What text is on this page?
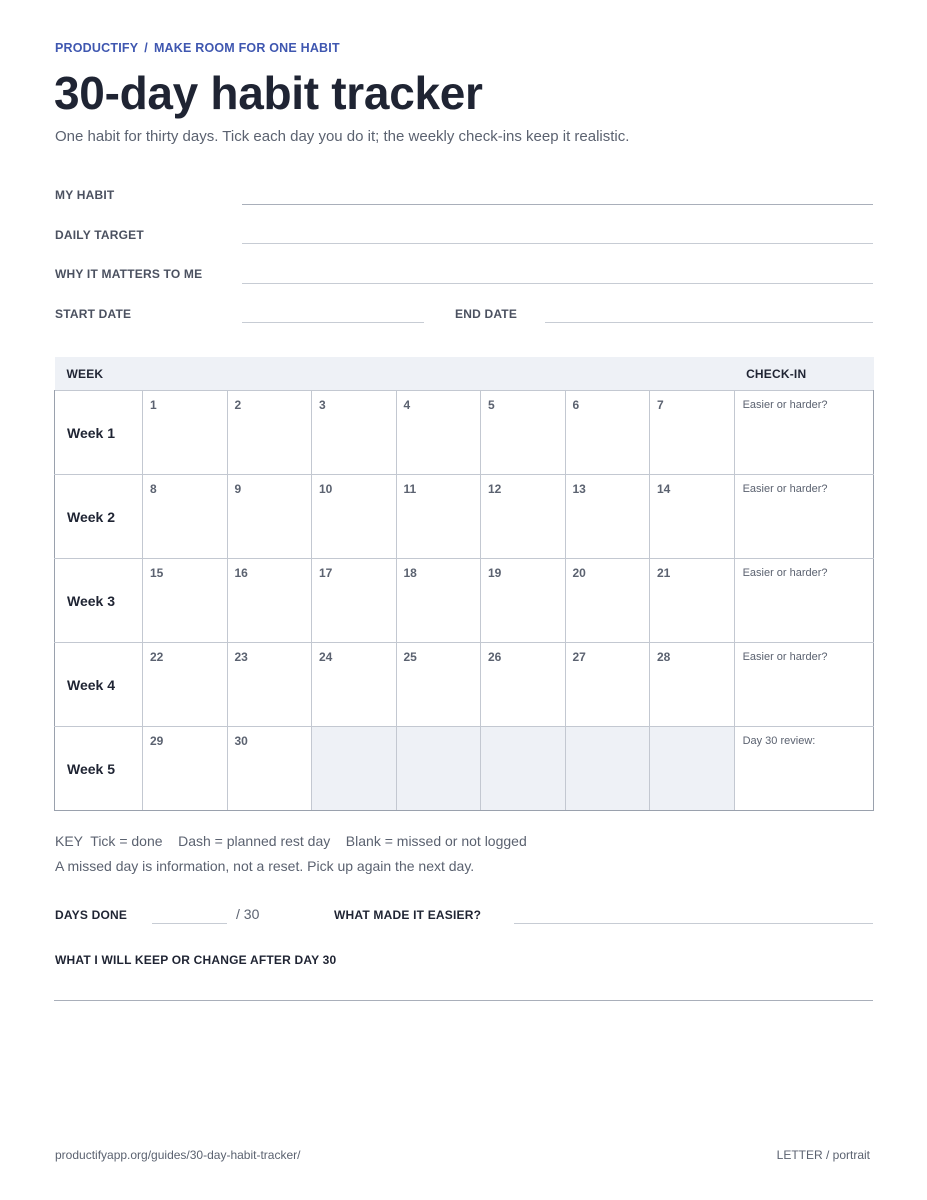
PRODUCTIFY / MAKE ROOM FOR ONE HABIT
30-day habit tracker
One habit for thirty days. Tick each day you do it; the weekly check-ins keep it realistic.
MY HABIT
DAILY TARGET
WHY IT MATTERS TO ME
START DATE	END DATE
WEEK								CHECK-IN
Week 1	1	2	3	4	5	6	7	Easier or harder?

Week 2	8	9	10	11	12	13	14	Easier or harder?

Week 3	15	16	17	18	19	20	21	Easier or harder?

Week 4	22	23	24	25	26	27	28	Easier or harder?

Week 5	29	30						Day 30 review:
KEY  Tick = done    Dash = planned rest day    Blank = missed or not logged
A missed day is information, not a reset. Pick up again the next day.
DAYS DONE	/ 30	WHAT MADE IT EASIER?
WHAT I WILL KEEP OR CHANGE AFTER DAY 30
productifyapp.org/guides/30-day-habit-tracker/	LETTER / portrait
